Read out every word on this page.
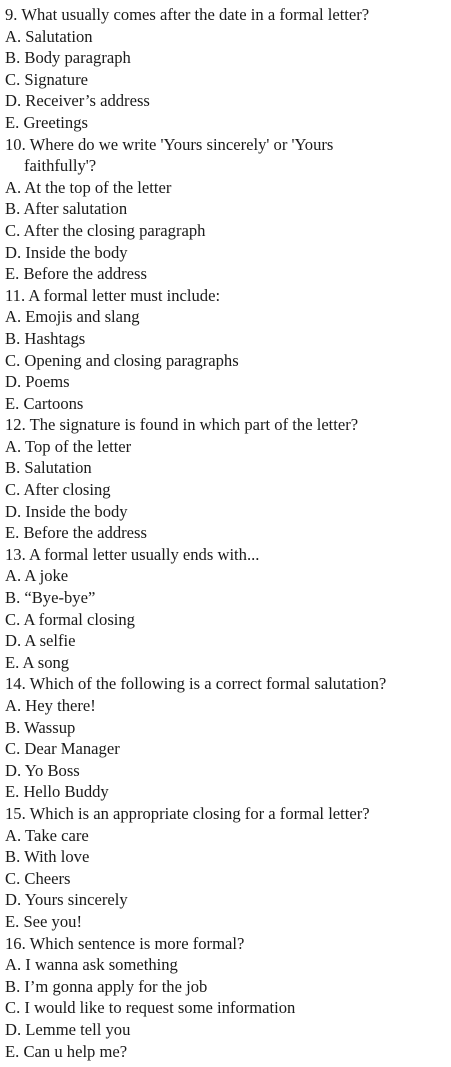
9. What usually comes after the date in a formal letter?
A. Salutation
B. Body paragraph
C. Signature
D. Receiver’s address
E. Greetings
10. Where do we write 'Yours sincerely' or 'Yours
faithfully'?
A. At the top of the letter
B. After salutation
C. After the closing paragraph
D. Inside the body
E. Before the address
11. A formal letter must include:
A. Emojis and slang
B. Hashtags
C. Opening and closing paragraphs
D. Poems
E. Cartoons
12. The signature is found in which part of the letter?
A. Top of the letter
B. Salutation
C. After closing
D. Inside the body
E. Before the address
13. A formal letter usually ends with...
A. A joke
B. “Bye-bye”
C. A formal closing
D. A selfie
E. A song
14. Which of the following is a correct formal salutation?
A. Hey there!
B. Wassup
C. Dear Manager
D. Yo Boss
E. Hello Buddy
15. Which is an appropriate closing for a formal letter?
A. Take care
B. With love
C. Cheers
D. Yours sincerely
E. See you!
16. Which sentence is more formal?
A. I wanna ask something
B. I’m gonna apply for the job
C. I would like to request some information
D. Lemme tell you
E. Can u help me?
